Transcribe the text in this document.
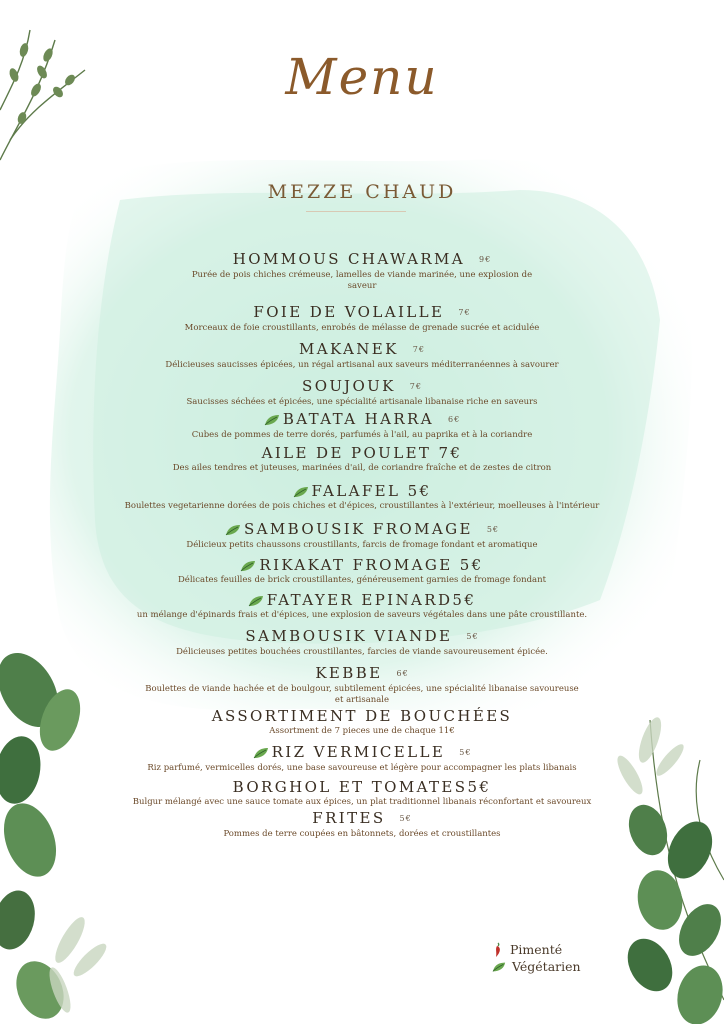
Menu
MEZZE CHAUD
HOMMOUS CHAWARMA 9€
Purée de pois chiches crémeuse, lamelles de viande marinée, une explosion de
saveur
FOIE DE VOLAILLE 7€
Morceaux de foie croustillants, enrobés de mélasse de grenade sucrée et acidulée
MAKANEK 7€
Délicieuses saucisses épicées, un régal artisanal aux saveurs méditerranéennes à savourer
SOUJOUK 7€
Saucisses séchées et épicées, une spécialité artisanale libanaise riche en saveurs
BATATA HARRA 6€
Cubes de pommes de terre dorés, parfumés à l'ail, au paprika et à la coriandre
AILE DE POULET 7€
Des ailes tendres et juteuses, marinées d'ail, de coriandre fraîche et de zestes de citron
FALAFEL 5€
Boulettes vegetarienne dorées de pois chiches et d'épices, croustillantes à l'extérieur, moelleuses à l'intérieur
SAMBOUSIK FROMAGE 5€
Délicieux petits chaussons croustillants, farcis de fromage fondant et aromatique
RIKAKAT FROMAGE 5€
Délicates feuilles de brick croustillantes, généreusement garnies de fromage fondant
FATAYER EPINARD5€
un mélange d'épinards frais et d'épices, une explosion de saveurs végétales dans une pâte croustillante.
SAMBOUSIK VIANDE 5€
Délicieuses petites bouchées croustillantes, farcies de viande savoureusement épicée.
KEBBE 6€
Boulettes de viande hachée et de boulgour, subtilement épicées, une spécialité libanaise savoureuse
et artisanale
ASSORTIMENT DE BOUCHÉES
Assortment de 7 pieces une de chaque 11€
RIZ VERMICELLE 5€
Riz parfumé, vermicelles dorés, une base savoureuse et légère pour accompagner les plats libanais
BORGHOL ET TOMATES5€
Bulgur mélangé avec une sauce tomate aux épices, un plat traditionnel libanais réconfortant et savoureux
FRITES 5€
Pommes de terre coupées en bâtonnets, dorées et croustillantes
Pimenté
Végétarien
